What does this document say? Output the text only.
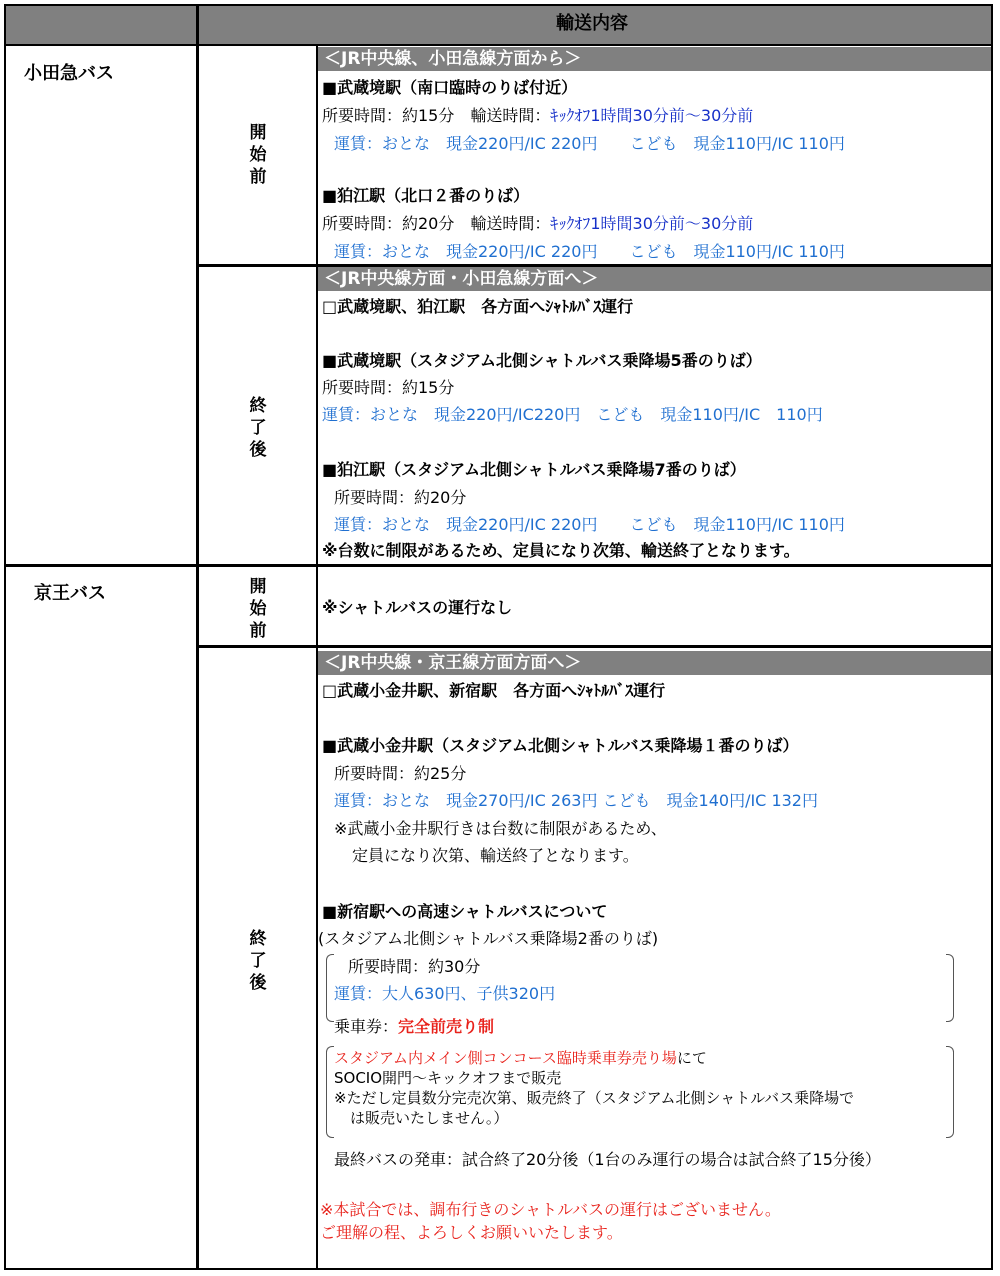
輸送内容
小田急バス
京王バス
開
始
前
終
了
後
開
始
前
終
了
後
＜JR中央線、小田急線方面から＞
■武蔵境駅（南口臨時のりば付近）
所要時間：約15分　輸送時間：ｷｯｸｵﾌ1時間30分前～30分前
運賃：おとな　現金220円/IC 220円　　こども　現金110円/IC 110円
■狛江駅（北口２番のりば）
所要時間：約20分　輸送時間：ｷｯｸｵﾌ1時間30分前～30分前
運賃：おとな　現金220円/IC 220円　　こども　現金110円/IC 110円
＜JR中央線方面・小田急線方面へ＞
□武蔵境駅、狛江駅　各方面へｼｬﾄﾙﾊﾞｽ運行
■武蔵境駅（スタジアム北側シャトルバス乗降場5番のりば）
所要時間：約15分
運賃：おとな　現金220円/IC220円　こども　現金110円/IC　110円
■狛江駅（スタジアム北側シャトルバス乗降場7番のりば）
所要時間：約20分
運賃：おとな　現金220円/IC 220円　　こども　現金110円/IC 110円
※台数に制限があるため、定員になり次第、輸送終了となります。
※シャトルバスの運行なし
＜JR中央線・京王線方面方面へ＞
□武蔵小金井駅、新宿駅　各方面へｼｬﾄﾙﾊﾞｽ運行
■武蔵小金井駅（スタジアム北側シャトルバス乗降場１番のりば）
所要時間：約25分
運賃：おとな　現金270円/IC 263円 こども　現金140円/IC 132円
※武蔵小金井駅行きは台数に制限があるため、
定員になり次第、輸送終了となります。
■新宿駅への高速シャトルバスについて
(スタジアム北側シャトルバス乗降場2番のりば)
所要時間：約30分
運賃：大人630円、子供320円
乗車券：完全前売り制
スタジアム内メイン側コンコース臨時乗車券売り場にて
SOCIO開門～キックオフまで販売
※ただし定員数分完売次第、販売終了（スタジアム北側シャトルバス乗降場で
は販売いたしません。）
最終バスの発車：試合終了20分後（1台のみ運行の場合は試合終了15分後）
※本試合では、調布行きのシャトルバスの運行はございません。
ご理解の程、よろしくお願いいたします。
